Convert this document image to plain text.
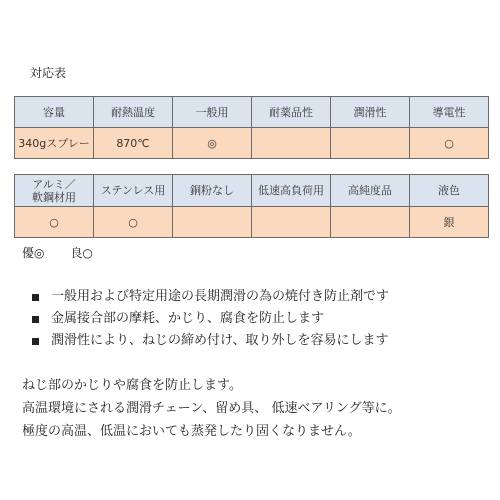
対応表
容量	耐熱温度	一般用	耐薬品性	潤滑性	導電性
340gスプレー	870℃	◎			○
アルミ／
軟鋼材用	ステンレス用	銅粉なし	低速高負荷用	高純度品	液色
○	○				銀
優◎ 良○
一般用および特定用途の長期潤滑の為の焼付き防止剤です
金属接合部の摩耗、かじり、腐食を防止します
潤滑性により、ねじの締め付け、取り外しを容易にします
ねじ部のかじりや腐食を防止します。
高温環境にされる潤滑チェーン、留め具、 低速ベアリング等に。
極度の高温、低温においても蒸発したり固くなりません。
